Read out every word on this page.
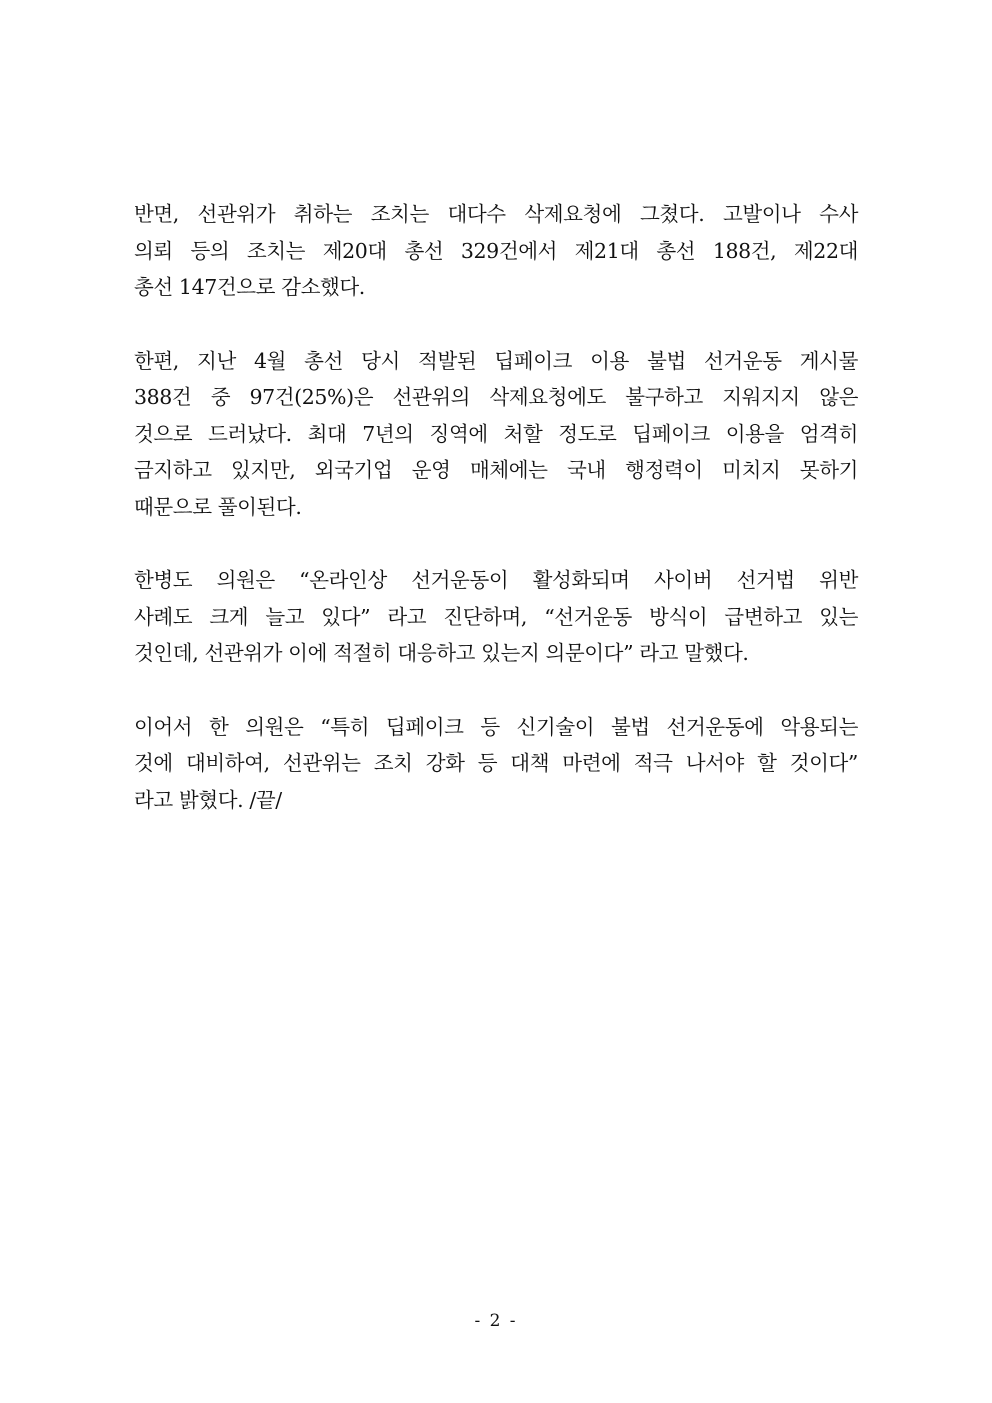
반면, 선관위가 취하는 조치는 대다수 삭제요청에 그쳤다. 고발이나 수사
의뢰 등의 조치는 제20대 총선 329건에서 제21대 총선 188건, 제22대
총선 147건으로 감소했다.

한편, 지난 4월 총선 당시 적발된 딥페이크 이용 불법 선거운동 게시물
388건 중 97건(25%)은 선관위의 삭제요청에도 불구하고 지워지지 않은
것으로 드러났다. 최대 7년의 징역에 처할 정도로 딥페이크 이용을 엄격히
금지하고 있지만, 외국기업 운영 매체에는 국내 행정력이 미치지 못하기
때문으로 풀이된다.

한병도 의원은 “온라인상 선거운동이 활성화되며 사이버 선거법 위반
사례도 크게 늘고 있다” 라고 진단하며, “선거운동 방식이 급변하고 있는
것인데, 선관위가 이에 적절히 대응하고 있는지 의문이다” 라고 말했다.

이어서 한 의원은 “특히 딥페이크 등 신기술이 불법 선거운동에 악용되는
것에 대비하여, 선관위는 조치 강화 등 대책 마련에 적극 나서야 할 것이다”
라고 밝혔다. /끝/

- 2 -
